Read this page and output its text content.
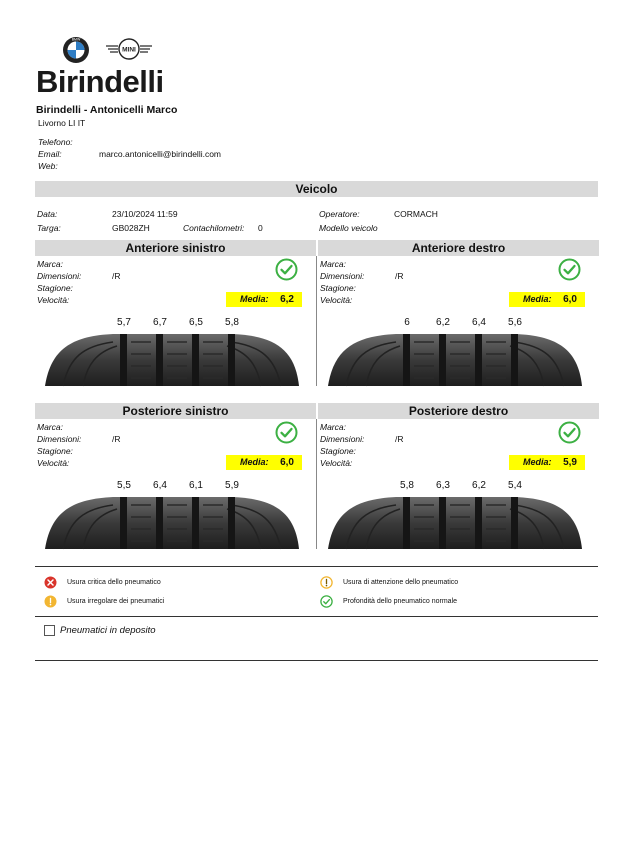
BMW
MINI
Birindelli
Birindelli - Antonicelli Marco
Livorno LI IT
Telefono:
Email:	marco.antonicelli@birindelli.com
Web:
Veicolo
Data:	23/10/2024 11:59
Targa:	GB028ZH	Contachilometri: 0
Operatore:	CORMACH
Modello veicolo
Anteriore sinistro
Marca:
Dimensioni:	/R
Stagione:
Velocità:	Media: 6,2
5,7	6,7	6,5	5,8
Anteriore destro
Marca:
Dimensioni:	/R
Stagione:
Velocità:	Media: 6,0
6	6,2	6,4	5,6
Posteriore sinistro
Marca:
Dimensioni:	/R
Stagione:
Velocità:	Media: 6,0
5,5	6,4	6,1	5,9
Posteriore destro
Marca:
Dimensioni:	/R
Stagione:
Velocità:	Media: 5,9
5,8	6,3	6,2	5,4
Usura critica dello pneumatico	Usura di attenzione dello pneumatico
Usura irregolare dei pneumatici	Profondità dello pneumatico normale
Pneumatici in deposito
